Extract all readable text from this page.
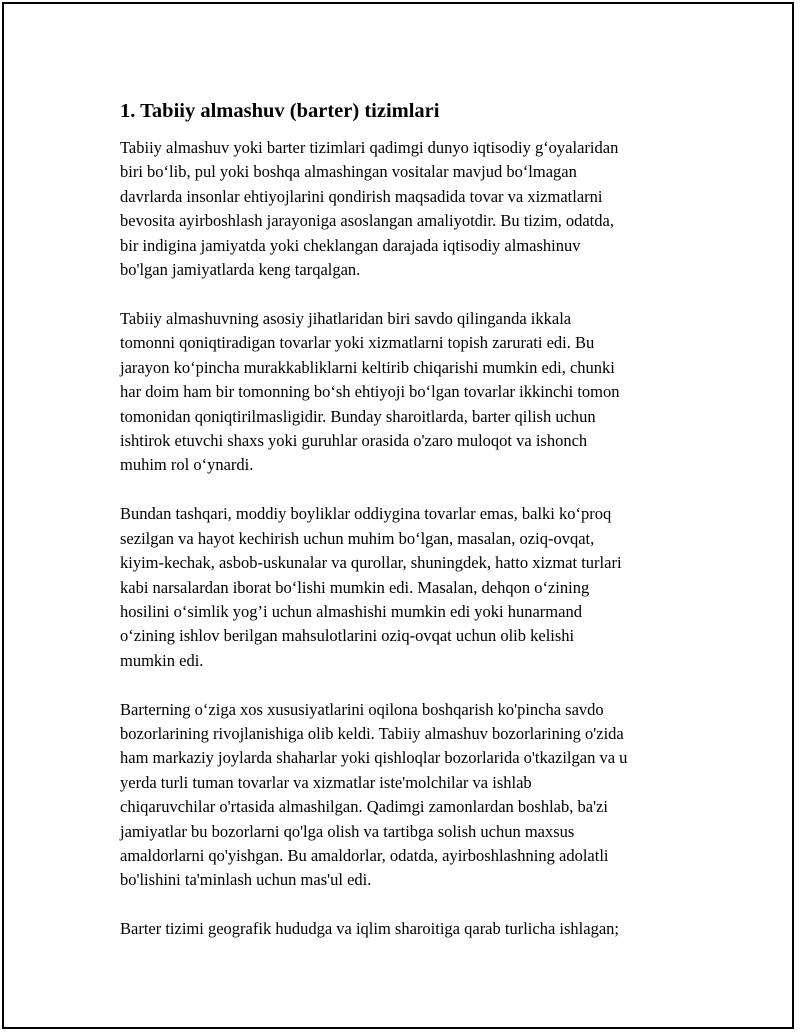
1. Tabiiy almashuv (barter) tizimlari

Tabiiy almashuv yoki barter tizimlari qadimgi dunyo iqtisodiy g‘oyalaridan
biri bo‘lib, pul yoki boshqa almashingan vositalar mavjud bo‘lmagan
davrlarda insonlar ehtiyojlarini qondirish maqsadida tovar va xizmatlarni
bevosita ayirboshlash jarayoniga asoslangan amaliyotdir. Bu tizim, odatda,
bir indigina jamiyatda yoki cheklangan darajada iqtisodiy almashinuv
bo'lgan jamiyatlarda keng tarqalgan.

Tabiiy almashuvning asosiy jihatlaridan biri savdo qilinganda ikkala
tomonni qoniqtiradigan tovarlar yoki xizmatlarni topish zarurati edi. Bu
jarayon ko‘pincha murakkabliklarni keltirib chiqarishi mumkin edi, chunki
har doim ham bir tomonning bo‘sh ehtiyoji bo‘lgan tovarlar ikkinchi tomon
tomonidan qoniqtirilmasligidir. Bunday sharoitlarda, barter qilish uchun
ishtirok etuvchi shaxs yoki guruhlar orasida o'zaro muloqot va ishonch
muhim rol o‘ynardi.

Bundan tashqari, moddiy boyliklar oddiygina tovarlar emas, balki ko‘proq
sezilgan va hayot kechirish uchun muhim bo‘lgan, masalan, oziq-ovqat,
kiyim-kechak, asbob-uskunalar va qurollar, shuningdek, hatto xizmat turlari
kabi narsalardan iborat bo‘lishi mumkin edi. Masalan, dehqon o‘zining
hosilini o‘simlik yog’i uchun almashishi mumkin edi yoki hunarmand
o‘zining ishlov berilgan mahsulotlarini oziq-ovqat uchun olib kelishi
mumkin edi.

Barterning o‘ziga xos xususiyatlarini oqilona boshqarish ko'pincha savdo
bozorlarining rivojlanishiga olib keldi. Tabiiy almashuv bozorlarining o'zida
ham markaziy joylarda shaharlar yoki qishloqlar bozorlarida o'tkazilgan va u
yerda turli tuman tovarlar va xizmatlar iste'molchilar va ishlab
chiqaruvchilar o'rtasida almashilgan. Qadimgi zamonlardan boshlab, ba'zi
jamiyatlar bu bozorlarni qo'lga olish va tartibga solish uchun maxsus
amaldorlarni qo'yishgan. Bu amaldorlar, odatda, ayirboshlashning adolatli
bo'lishini ta'minlash uchun mas'ul edi.

Barter tizimi geografik hududga va iqlim sharoitiga qarab turlicha ishlagan;
